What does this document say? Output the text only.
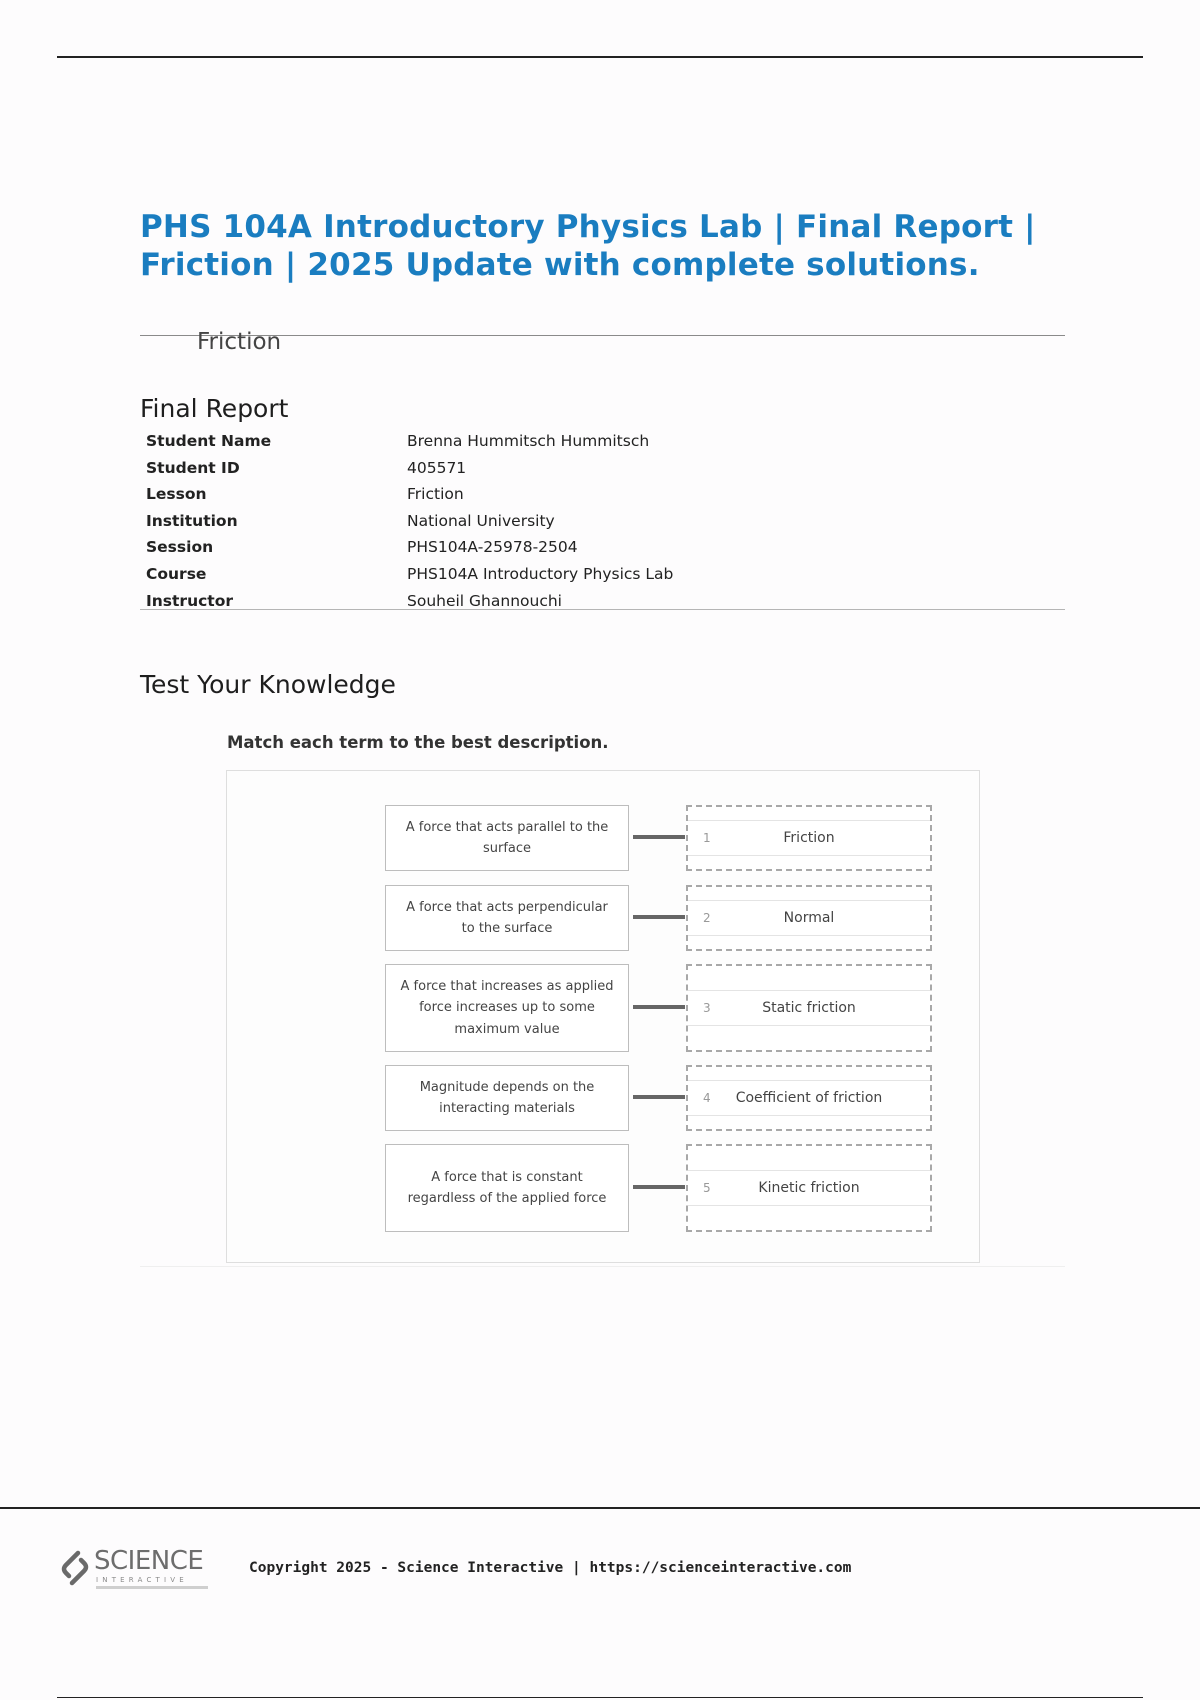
PHS 104A Introductory Physics Lab | Final Report | Friction | 2025 Update with complete solutions.
Friction
Final Report
Student Name	Brenna Hummitsch Hummitsch
Student ID	405571
Lesson	Friction
Institution	National University
Session	PHS104A-25978-2504
Course	PHS104A Introductory Physics Lab
Instructor	Souheil Ghannouchi
Test Your Knowledge
Match each term to the best description.
A force that acts parallel to the surface
1	Friction
A force that acts perpendicular to the surface
2	Normal
A force that increases as applied force increases up to some maximum value
3	Static friction
Magnitude depends on the interacting materials
4	Coefficient of friction
A force that is constant regardless of the applied force
5	Kinetic friction
SCIENCE
INTERACTIVE
Copyright 2025 - Science Interactive | https://scienceinteractive.com
